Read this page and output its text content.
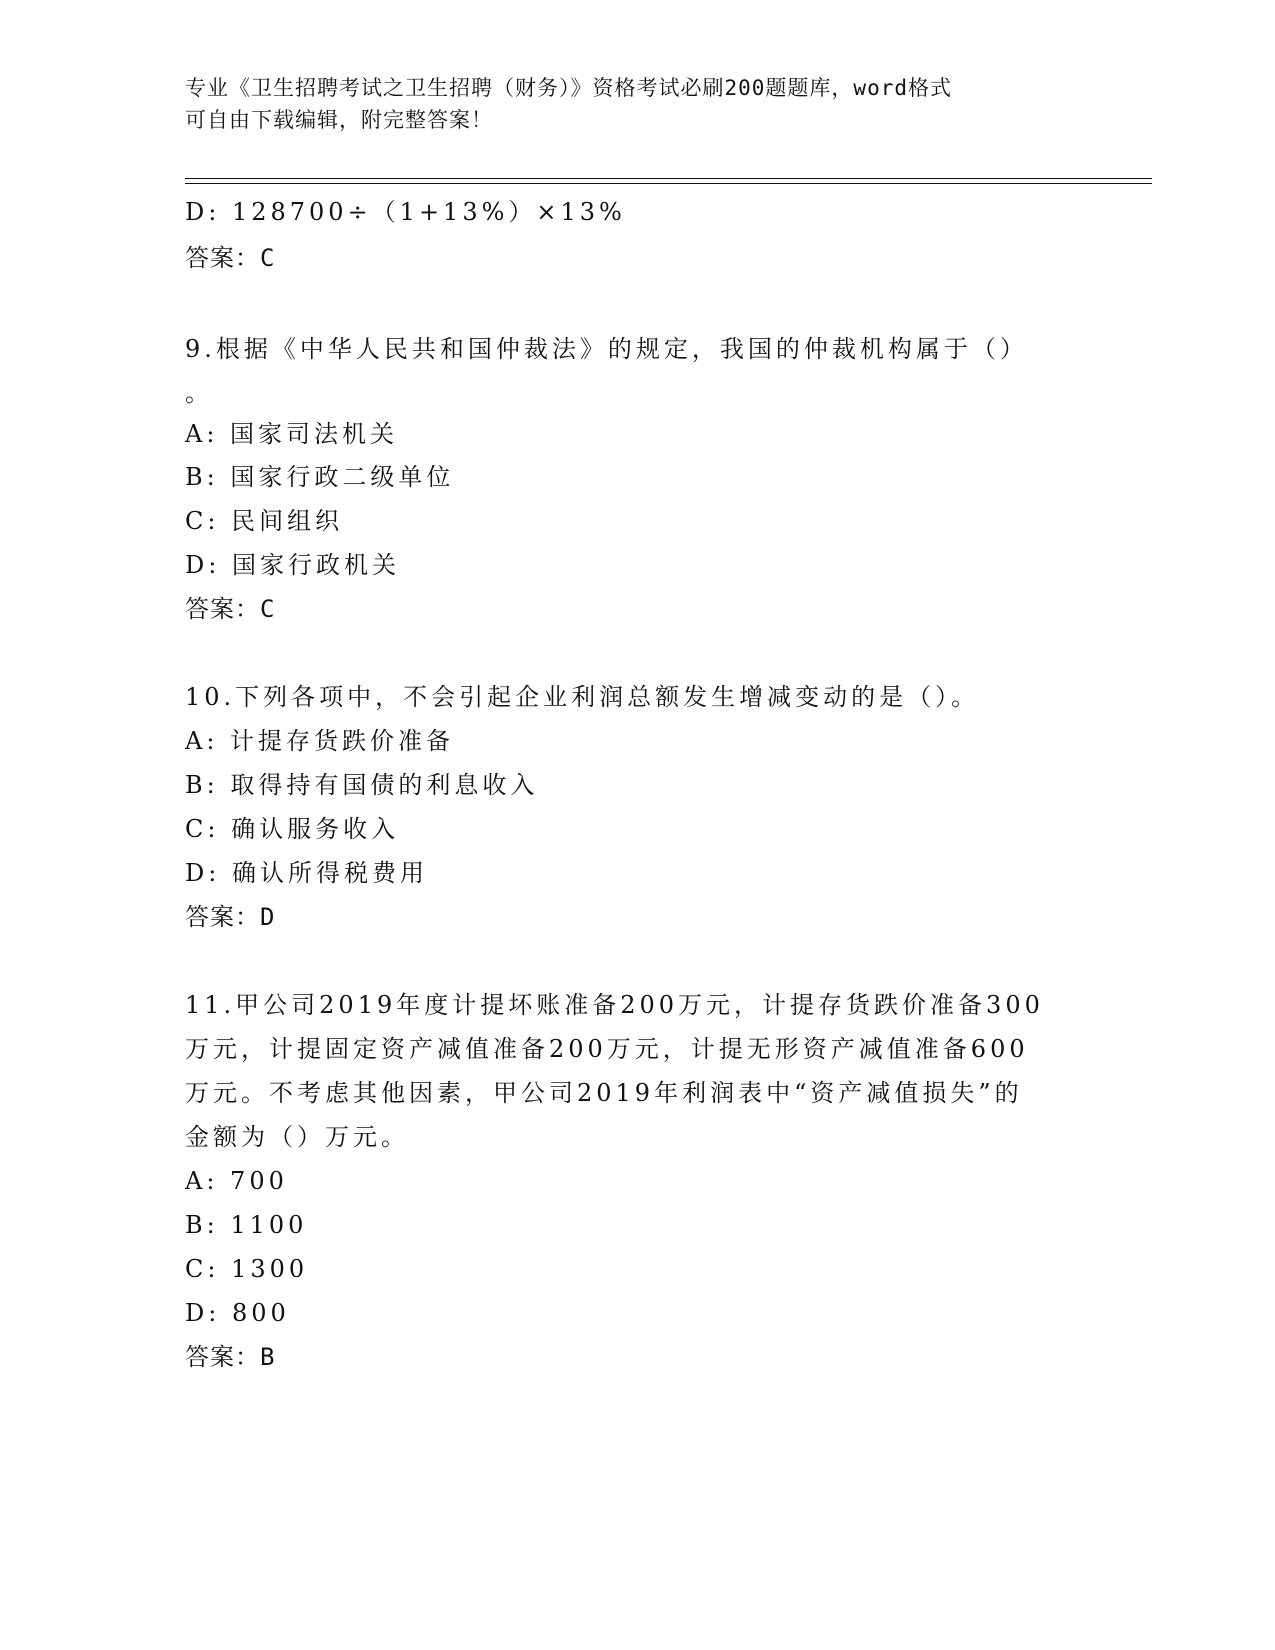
专业《卫生招聘考试之卫生招聘（财务）》资格考试必刷200题题库，word格式
可自由下载编辑，附完整答案！
D: 128700÷（1+13%）×13%
答案：C
9.根据《中华人民共和国仲裁法》的规定，我国的仲裁机构属于（）
。
A: 国家司法机关
B: 国家行政二级单位
C: 民间组织
D: 国家行政机关
答案：C
10.下列各项中，不会引起企业利润总额发生增减变动的是（）。
A: 计提存货跌价准备
B: 取得持有国债的利息收入
C: 确认服务收入
D: 确认所得税费用
答案：D
11.甲公司2019年度计提坏账准备200万元，计提存货跌价准备300
万元，计提固定资产减值准备200万元，计提无形资产减值准备600
万元。不考虑其他因素，甲公司2019年利润表中“资产减值损失”的
金额为（）万元。
A: 700
B: 1100
C: 1300
D: 800
答案：B
